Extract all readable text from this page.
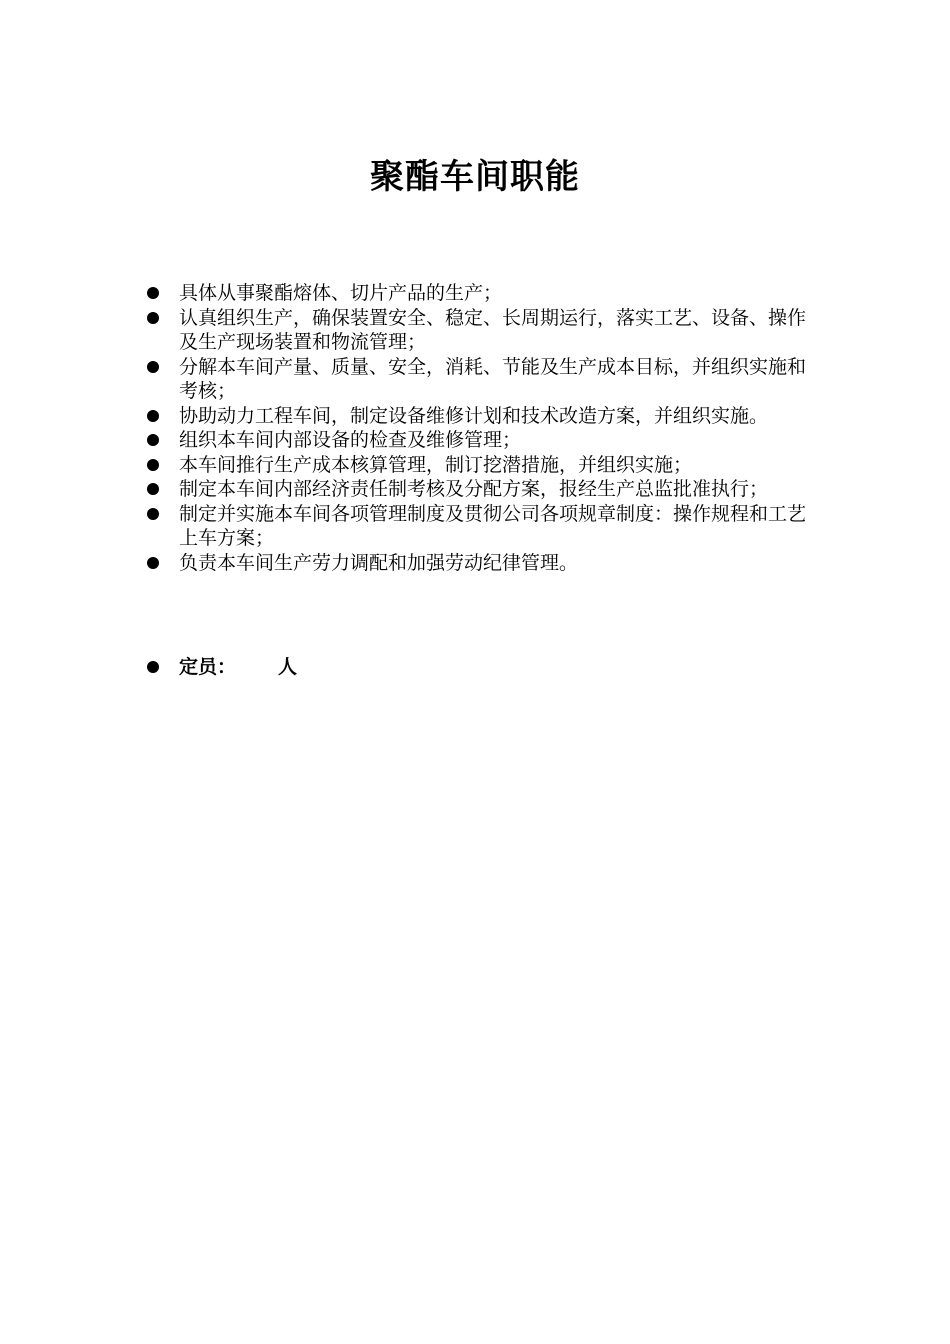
聚酯车间职能
具体从事聚酯熔体、切片产品的生产；
认真组织生产，确保装置安全、稳定、长周期运行，落实工艺、设备、操作及生产现场装置和物流管理；
分解本车间产量、质量、安全，消耗、节能及生产成本目标，并组织实施和考核；
协助动力工程车间，制定设备维修计划和技术改造方案，并组织实施。
组织本车间内部设备的检查及维修管理；
本车间推行生产成本核算管理，制订挖潜措施，并组织实施；
制定本车间内部经济责任制考核及分配方案，报经生产总监批准执行；
制定并实施本车间各项管理制度及贯彻公司各项规章制度：操作规程和工艺上车方案；
负责本车间生产劳力调配和加强劳动纪律管理。
定员： 人
